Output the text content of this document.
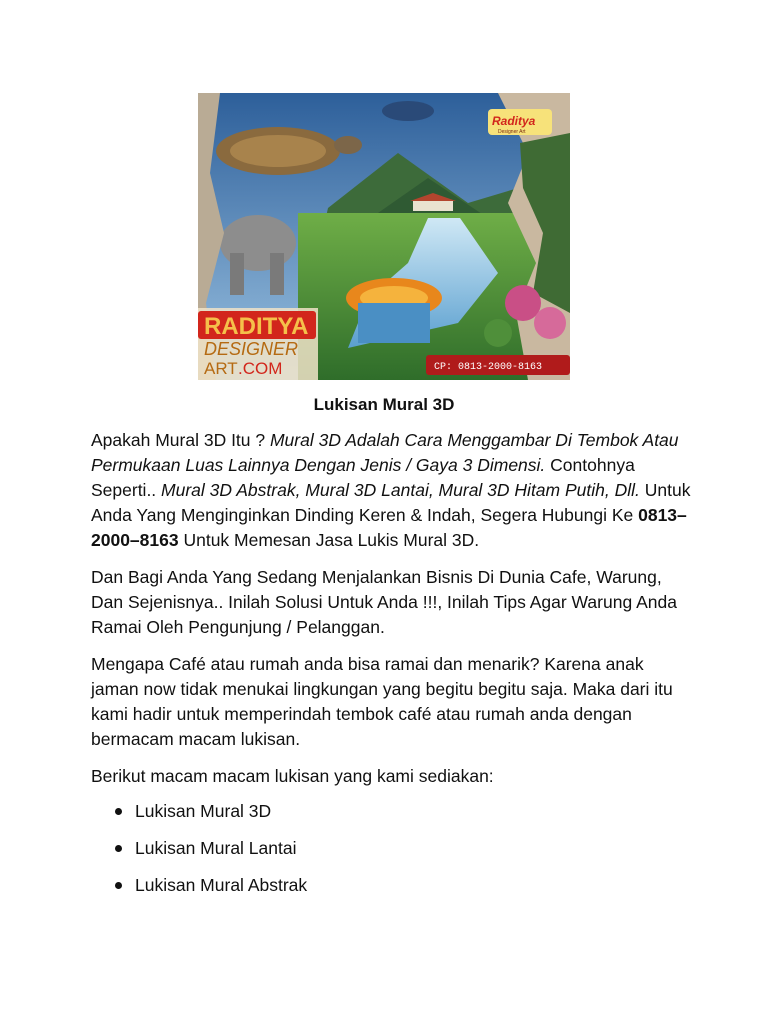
RADITYA
DESIGNER
ART .COM	CP: 0813-2000-8163
Raditya
Designer Art
Lukisan Mural 3D

Apakah Mural 3D Itu ? Mural 3D Adalah Cara Menggambar Di Tembok Atau Permukaan Luas Lainnya Dengan Jenis / Gaya 3 Dimensi. Contohnya Seperti.. Mural 3D Abstrak, Mural 3D Lantai, Mural 3D Hitam Putih, Dll. Untuk Anda Yang Menginginkan Dinding Keren & Indah, Segera Hubungi Ke 0813–2000–8163 Untuk Memesan Jasa Lukis Mural 3D.

Dan Bagi Anda Yang Sedang Menjalankan Bisnis Di Dunia Cafe, Warung, Dan Sejenisnya.. Inilah Solusi Untuk Anda !!!, Inilah Tips Agar Warung Anda Ramai Oleh Pengunjung / Pelanggan.

Mengapa Café atau rumah anda bisa ramai dan menarik? Karena anak jaman now tidak menukai lingkungan yang begitu begitu saja. Maka dari itu kami hadir untuk memperindah tembok café atau rumah anda dengan bermacam macam lukisan.

Berikut macam macam lukisan yang kami sediakan:

Lukisan Mural 3D
Lukisan Mural Lantai
Lukisan Mural Abstrak
